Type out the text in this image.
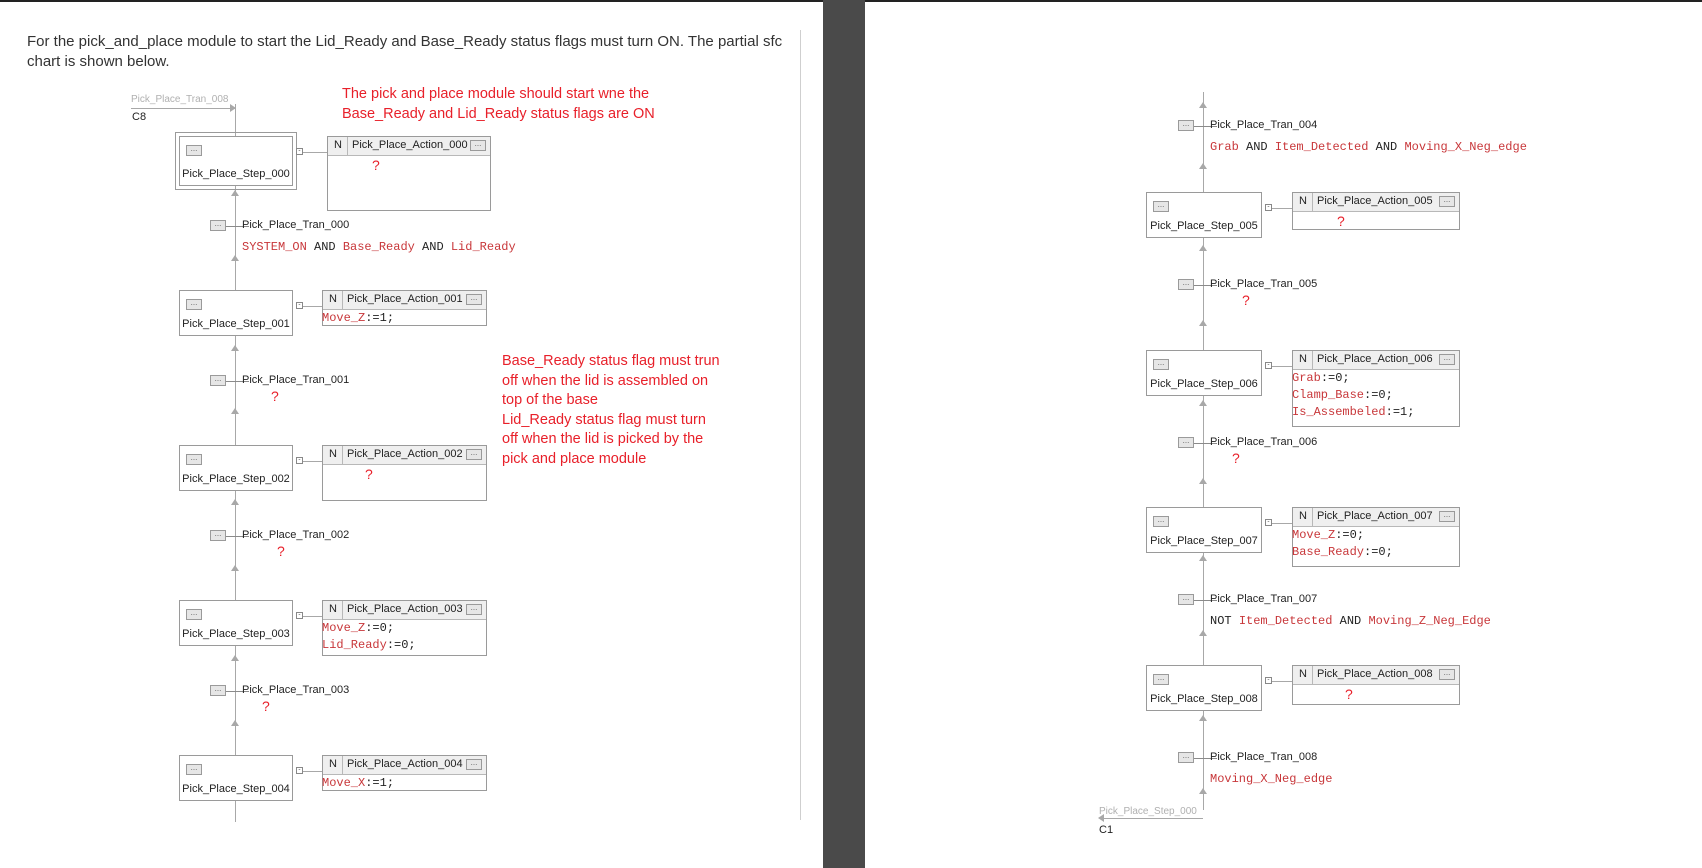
For the pick_and_place module to start the Lid_Ready and Base_Ready status flags must turn ON. The partial sfc chart is shown below.
The pick and place module should start wne the
Base_Ready and Lid_Ready status flags are ON
Base_Ready status flag must trun
off when the lid is assembled on
top of the base
Lid_Ready status flag must turn
off when the lid is picked by the
pick and place module
Pick_Place_Tran_008
C8
...
Pick_Place_Step_000
-	N Pick_Place_Action_000	...
?
...
Pick_Place_Step_001
-	N Pick_Place_Action_001	...
Move_Z:=1;
...
Pick_Place_Step_002
-	N Pick_Place_Action_002	...
?
...
Pick_Place_Step_003
-	N Pick_Place_Action_003	...
Move_Z:=0;
Lid_Ready:=0;
...
Pick_Place_Step_004
-	N Pick_Place_Action_004	...
Move_X:=1;
...	Pick_Place_Tran_000
SYSTEM_ON AND Base_Ready AND Lid_Ready
...	Pick_Place_Tran_001
?
...	Pick_Place_Tran_002
?
...	Pick_Place_Tran_003
?
...
Pick_Place_Step_005
-	N Pick_Place_Action_005	...
?
...
Pick_Place_Step_006
-	N Pick_Place_Action_006	...
Grab:=0;
Clamp_Base:=0;
Is_Assembeled:=1;
...
Pick_Place_Step_007
-	N Pick_Place_Action_007	...
Move_Z:=0;
Base_Ready:=0;
...
Pick_Place_Step_008
-	N Pick_Place_Action_008	...
?
...	Pick_Place_Tran_004
Grab AND Item_Detected AND Moving_X_Neg_edge
...	Pick_Place_Tran_005
?
...	Pick_Place_Tran_006
?
...	Pick_Place_Tran_007
NOT Item_Detected AND Moving_Z_Neg_Edge
...	Pick_Place_Tran_008
Moving_X_Neg_edge
Pick_Place_Step_000
C1
